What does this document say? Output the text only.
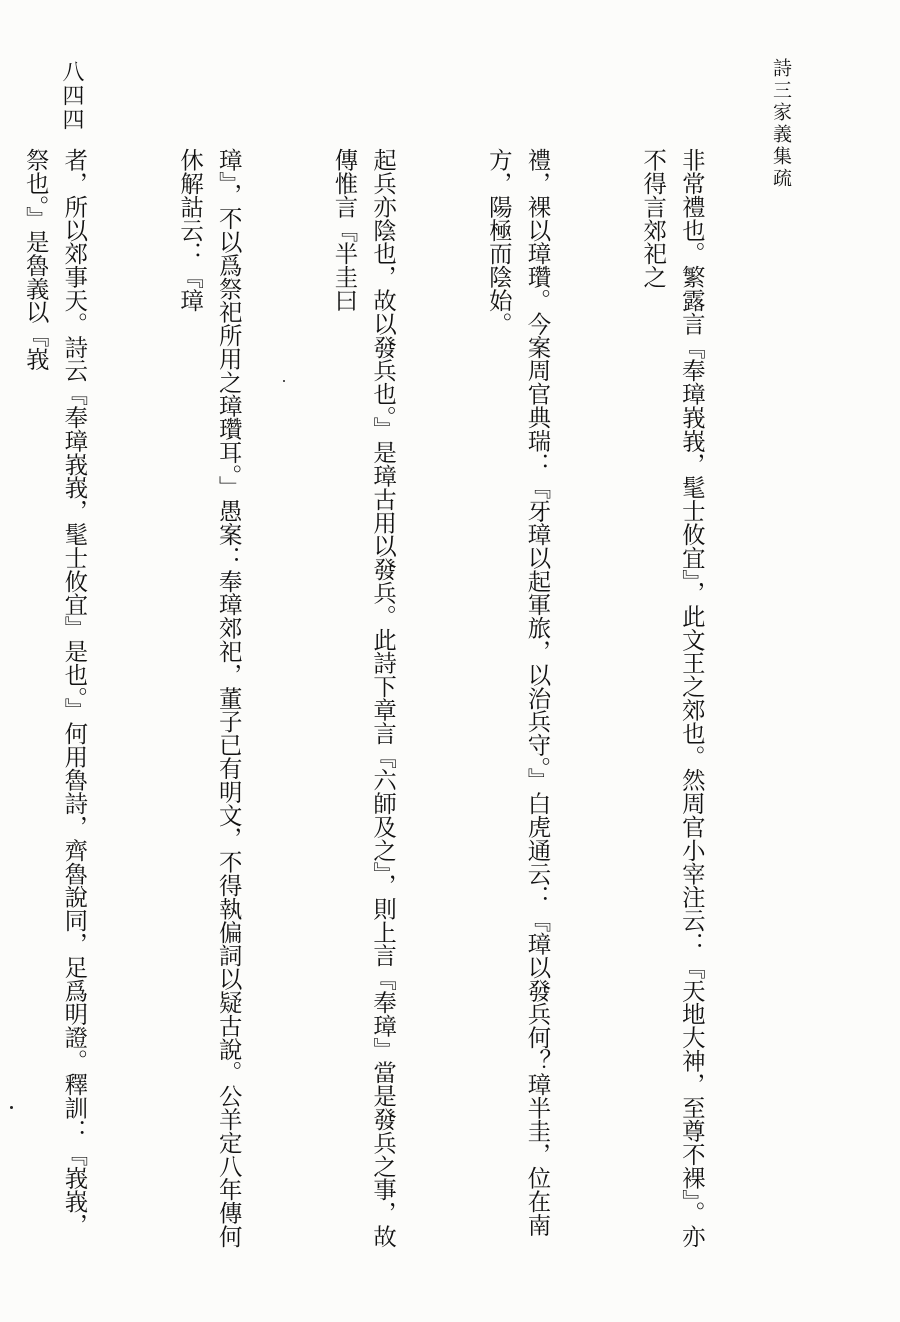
詩三家義集疏
八四四

非常禮也。繁露言『奉璋峩峩，髦士攸宜』，此文王之郊也。然周官小宰注云：『天地大神，至尊不裸』。亦不得言郊祀之

禮，裸以璋瓚。今案周官典瑞：『牙璋以起軍旅，以治兵守。』白虎通云：『璋以發兵何？璋半圭，位在南方，陽極而陰始。

起兵亦陰也，故以發兵也。』是璋古用以發兵。此詩下章言『六師及之』，則上言『奉璋』當是發兵之事，故傳惟言『半圭曰

璋』，不以爲祭祀所用之璋瓚耳。」愚案：奉璋郊祀，董子已有明文，不得執偏詞以疑古說。公羊定八年傳何休解詁云：『璋

者，所以郊事天。詩云『奉璋峩峩，髦士攸宜』是也。』何用魯詩，齊魯說同，足爲明證。釋訓：『峩峩，祭也。』是魯義以『峩
